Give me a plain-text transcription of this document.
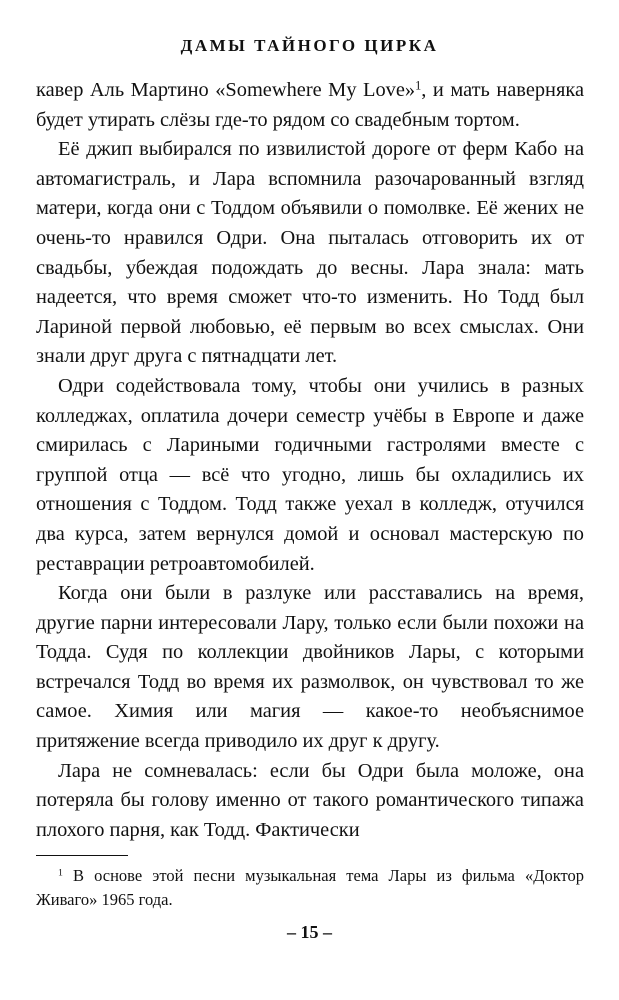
ДАМЫ ТАЙНОГО ЦИРКА

кавер Аль Мартино «Somewhere My Love»$^1$, и мать наверняка будет утирать слёзы где-то рядом со свадебным тортом.

Её джип выбирался по извилистой дороге от ферм Кабо на автомагистраль, и Лара вспомнила разочарованный взгляд матери, когда они с Тоддом объявили о помолвке. Её жених не очень-то нравился Одри. Она пыталась отговорить их от свадьбы, убеждая подождать до весны. Лара знала: мать надеется, что время сможет что-то изменить. Но Тодд был Лариной первой любовью, её первым во всех смыслах. Они знали друг друга с пятнадцати лет.

Одри содействовала тому, чтобы они учились в разных колледжах, оплатила дочери семестр учёбы в Европе и даже смирилась с Лариными годичными гастролями вместе с группой отца — всё что угодно, лишь бы охладились их отношения с Тоддом. Тодд также уехал в колледж, отучился два курса, затем вернулся домой и основал мастерскую по реставрации ретроавтомобилей.

Когда они были в разлуке или расставались на время, другие парни интересовали Лару, только если были похожи на Тодда. Судя по коллекции двойников Лары, с которыми встречался Тодд во время их размолвок, он чувствовал то же самое. Химия или магия — какое-то необъяснимое притяжение всегда приводило их друг к другу.

Лара не сомневалась: если бы Одри была моложе, она потеряла бы голову именно от такого романтического типажа плохого парня, как Тодд. Фактически

$^1$ В основе этой песни музыкальная тема Лары из фильма «Доктор Живаго» 1965 года.
– 15 –
